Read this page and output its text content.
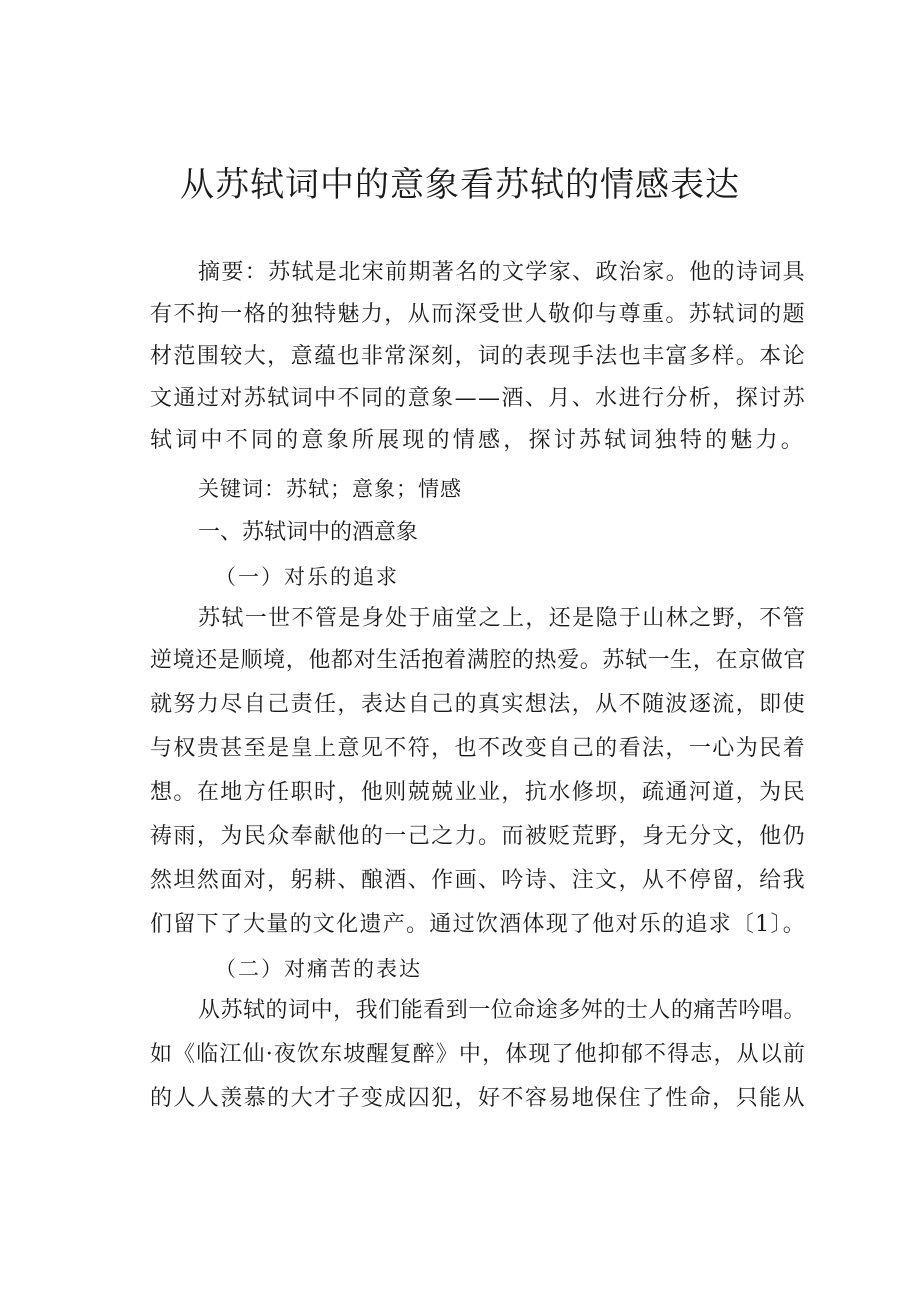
从苏轼词中的意象看苏轼的情感表达
摘要：苏轼是北宋前期著名的文学家、政治家。他的诗词具
有不拘一格的独特魅力，从而深受世人敬仰与尊重。苏轼词的题
材范围较大，意蕴也非常深刻，词的表现手法也丰富多样。本论
文通过对苏轼词中不同的意象——酒、月、水进行分析，探讨苏
轼词中不同的意象所展现的情感，探讨苏轼词独特的魅力。
关键词：苏轼；意象；情感
一、苏轼词中的酒意象
（一）对乐的追求
苏轼一世不管是身处于庙堂之上，还是隐于山林之野，不管
逆境还是顺境，他都对生活抱着满腔的热爱。苏轼一生，在京做官
就努力尽自己责任，表达自己的真实想法，从不随波逐流，即使
与权贵甚至是皇上意见不符，也不改变自己的看法，一心为民着
想。在地方任职时，他则兢兢业业，抗水修坝，疏通河道，为民
祷雨，为民众奉献他的一己之力。而被贬荒野，身无分文，他仍
然坦然面对，躬耕、酿酒、作画、吟诗、注文，从不停留，给我
们留下了大量的文化遗产。通过饮酒体现了他对乐的追求〔1〕。
（二）对痛苦的表达
从苏轼的词中，我们能看到一位命途多舛的士人的痛苦吟唱。
如《临江仙·夜饮东坡醒复醉》中，体现了他抑郁不得志，从以前
的人人羡慕的大才子变成囚犯，好不容易地保住了性命，只能从
